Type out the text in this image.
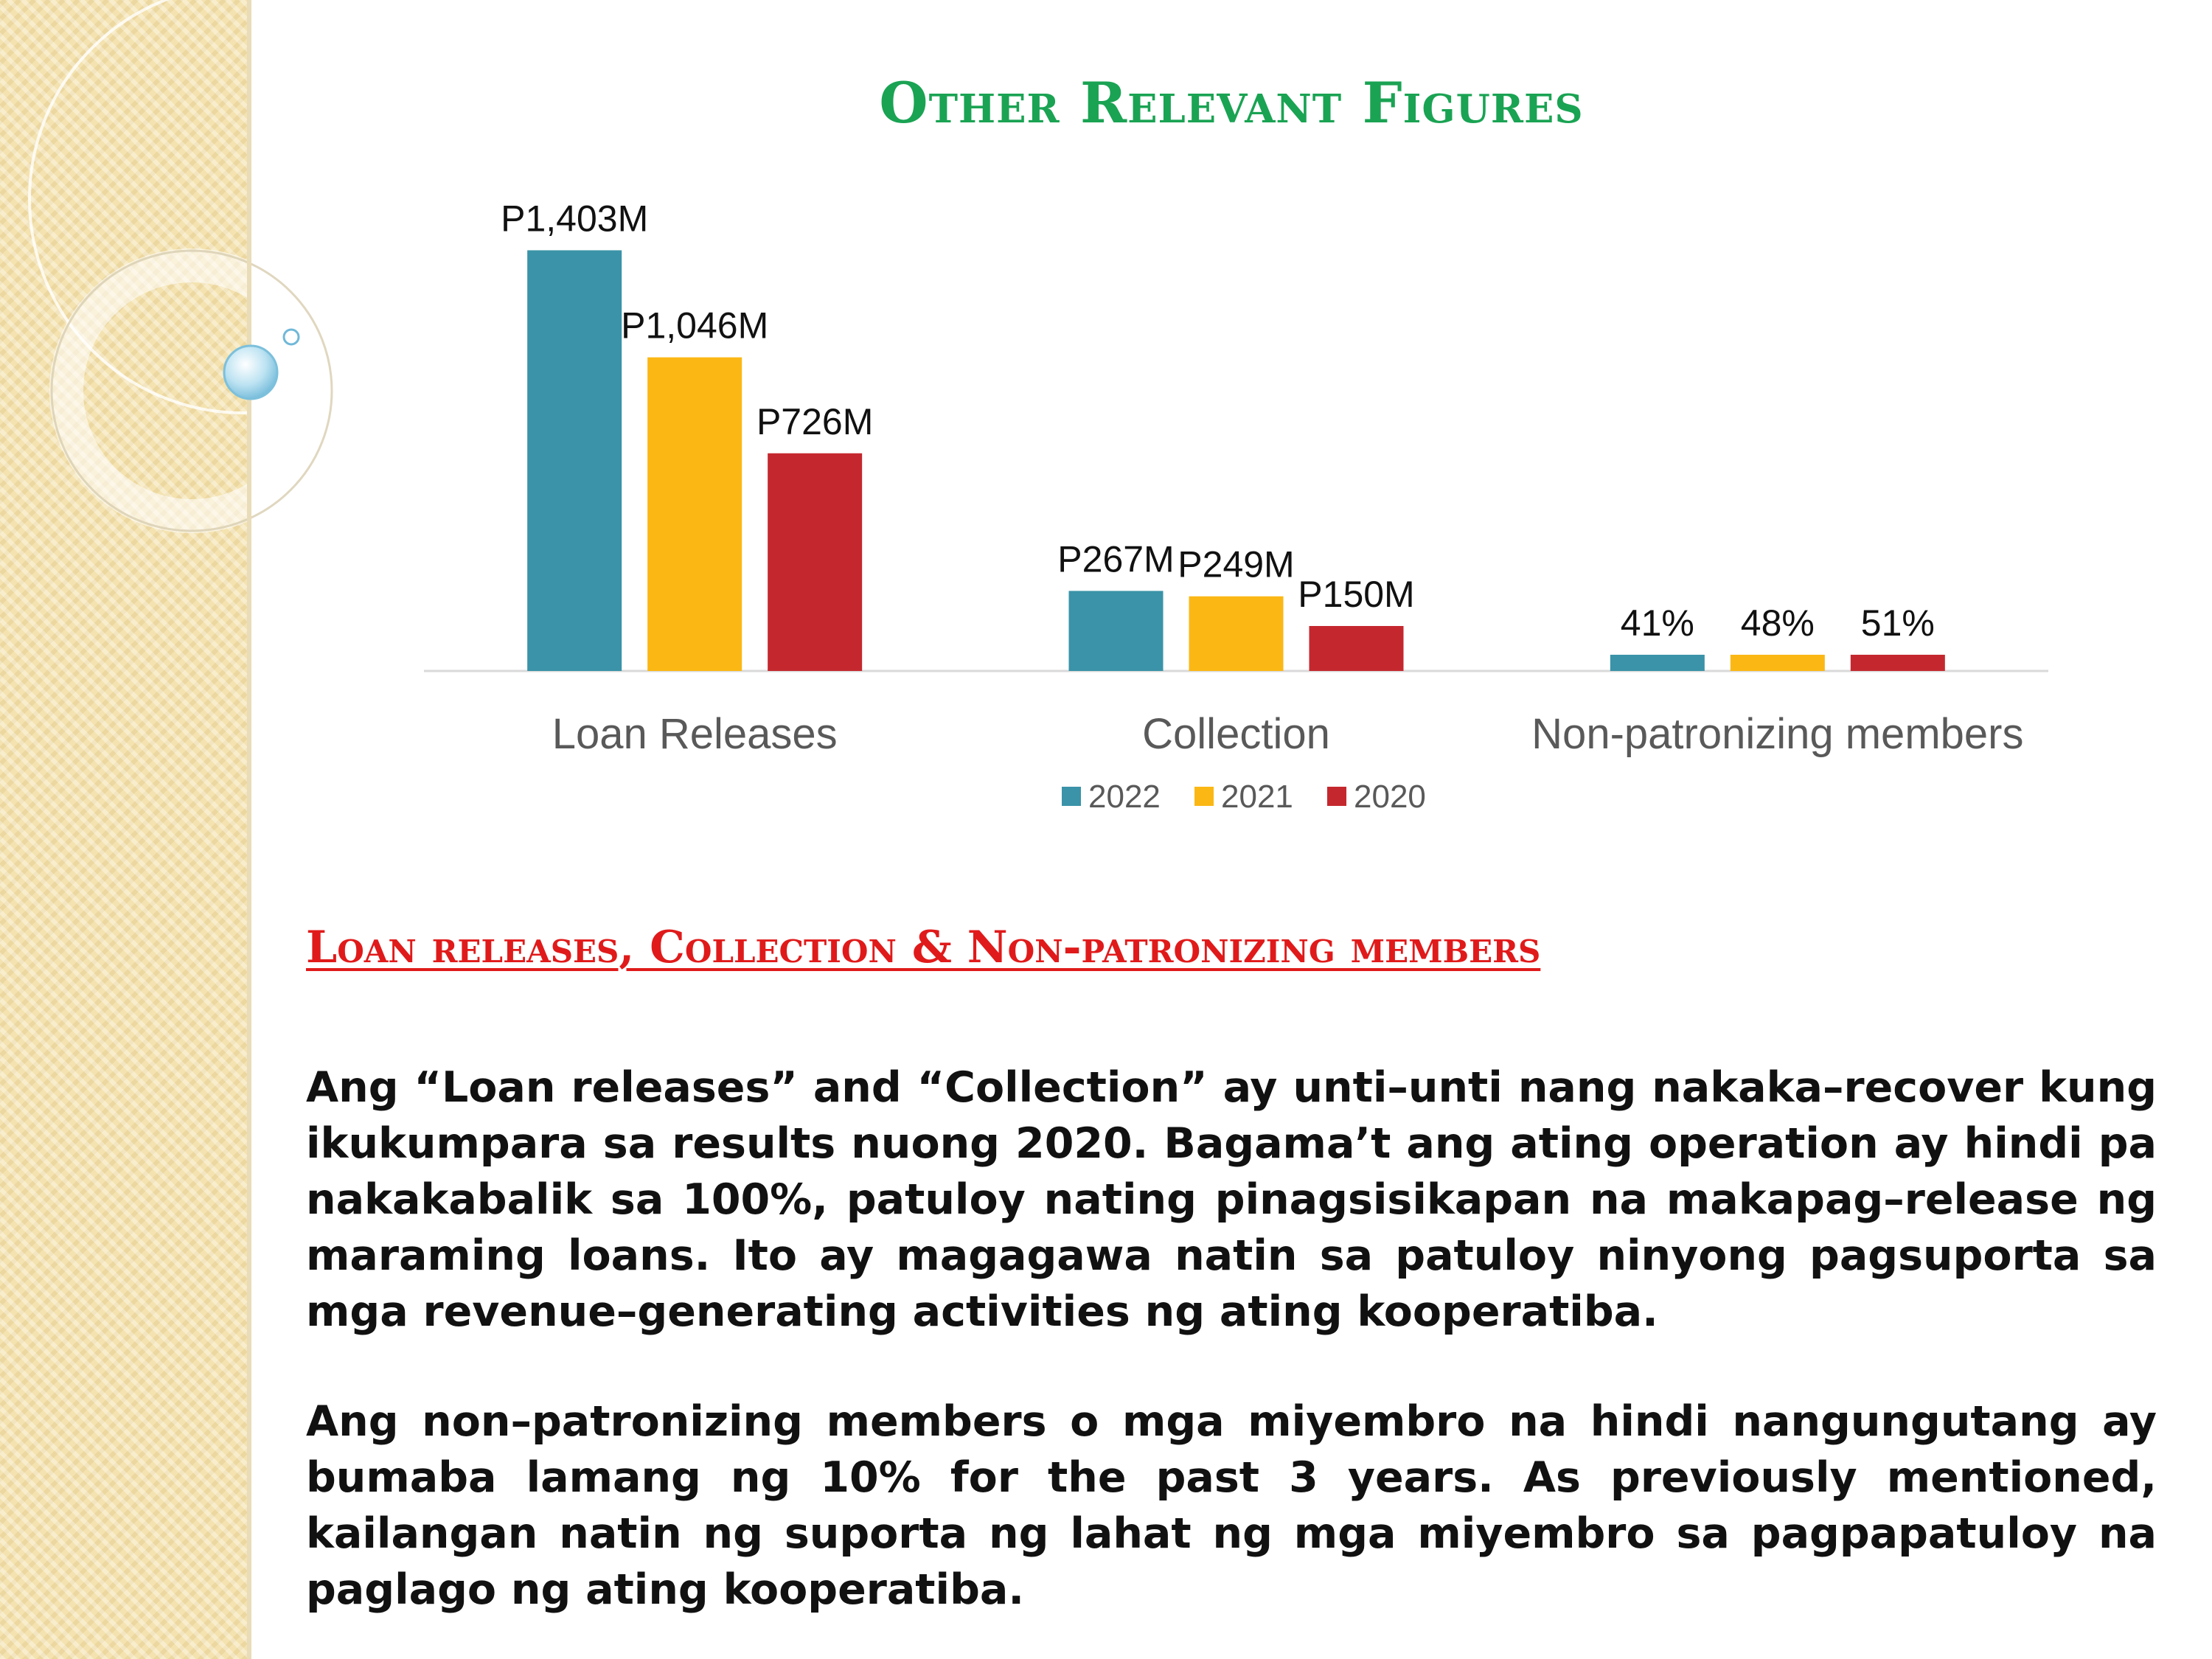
Other Relevant Figures
P1,403M
P1,046M
P726M
Loan Releases
P267M P249M
P150M
Collection
41% 48% 51%
Non-patronizing members
2022 2021 2020
Loan releases, Collection & Non-patronizing members

Ang “Loan releases” and “Collection” ay unti–unti nang nakaka–recover kung ikukumpara sa results nuong 2020. Bagama’t ang ating operation ay hindi pa nakakabalik sa 100%, patuloy nating pinagsisikapan na makapag–release ng maraming loans. Ito ay magagawa natin sa patuloy ninyong pagsuporta sa mga revenue–generating activities ng ating kooperatiba.

Ang non–patronizing members o mga miyembro na hindi nangungutang ay bumaba lamang ng 10% for the past 3 years. As previously mentioned, kailangan natin ng suporta ng lahat ng mga miyembro sa pagpapatuloy na paglago ng ating kooperatiba.
